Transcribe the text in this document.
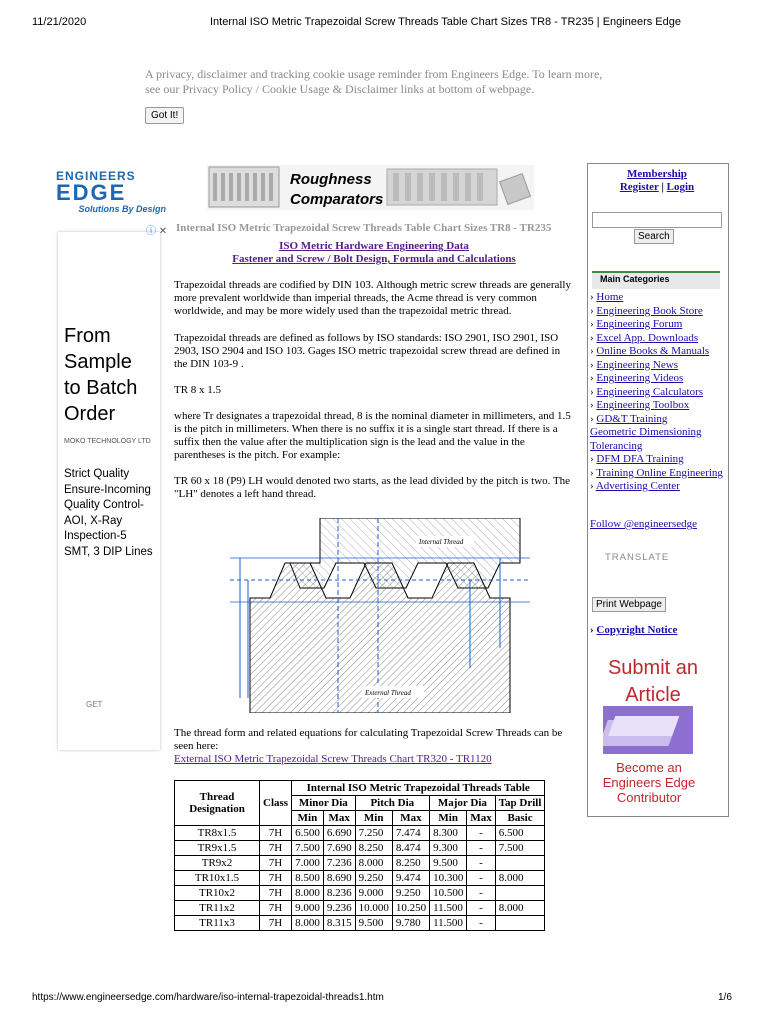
11/21/2020	Internal ISO Metric Trapezoidal Screw Threads Table Chart Sizes TR8 - TR235 | Engineers Edge
https://www.engineersedge.com/hardware/iso-internal-trapezoidal-threads1.htm	1/6
A privacy, disclaimer and tracking cookie usage reminder from Engineers Edge. To learn more, see our Privacy Policy / Cookie Usage & Disclaimer links at bottom of webpage.
Got It!
ENGINEERS
EDGE
Solutions By Design
Roughness
Comparators
ⓘ ✕
From
Sample
to Batch
Order
MOKO TECHNOLOGY LTD
Strict Quality
Ensure-Incoming
Quality Control-
AOI, X-Ray
Inspection-5
SMT, 3 DIP Lines
GET
Internal ISO Metric Trapezoidal Screw Threads Table Chart Sizes TR8 - TR235
ISO Metric Hardware Engineering Data
Fastener and Screw / Bolt Design, Formula and Calculations
Trapezoidal threads are codified by DIN 103. Although metric screw threads are generally more prevalent worldwide than imperial threads, the Acme thread is very common worldwide, and may be more widely used than the trapezoidal metric thread.
Trapezoidal threads are defined as follows by ISO standards: ISO 2901, ISO 2901, ISO 2903, ISO 2904 and ISO 103. Gages ISO metric trapezoidal screw thread are defined in the DIN 103-9 .
TR 8 x 1.5
where Tr designates a trapezoidal thread, 8 is the nominal diameter in millimeters, and 1.5 is the pitch in millimeters. When there is no suffix it is a single start thread. If there is a suffix then the value after the multiplication sign is the lead and the value in the parentheses is the pitch. For example:
TR 60 x 18 (P9) LH would denoted two starts, as the lead divided by the pitch is two. The "LH" denotes a left hand thread.
External Thread
Internal Thread
The thread form and related equations for calculating Trapezoidal Screw Threads can be seen here:
External ISO Metric Trapezoidal Screw Threads Chart TR320 - TR1120
Thread Designation	Class	Internal ISO Metric Trapezoidal Threads Table						
		Minor Dia		Pitch Dia		Major Dia		Tap Drill
		Min	Max	Min	Max	Min	Max	Basic
TR8x1.5	7H	6.500	6.690	7.250	7.474	8.300	-	6.500
TR9x1.5	7H	7.500	7.690	8.250	8.474	9.300	-	7.500
TR9x2	7H	7.000	7.236	8.000	8.250	9.500	-	
TR10x1.5	7H	8.500	8.690	9.250	9.474	10.300	-	8.000
TR10x2	7H	8.000	8.236	9.000	9.250	10.500	-	
TR11x2	7H	9.000	9.236	10.000	10.250	11.500	-	8.000
TR11x3	7H	8.000	8.315	9.500	9.780	11.500	-	
Membership
Register | Login
Search
Main Categories
› Home
› Engineering Book Store
› Engineering Forum
› Excel App. Downloads
› Online Books & Manuals
› Engineering News
› Engineering Videos
› Engineering Calculators
› Engineering Toolbox
› GD&T Training
Geometric Dimensioning Tolerancing
› DFM DFA Training
› Training Online Engineering
› Advertising Center
Follow @engineersedge
TRANSLATE
Print Webpage
› Copyright Notice
Submit an
Article
Become an
Engineers Edge
Contributor
